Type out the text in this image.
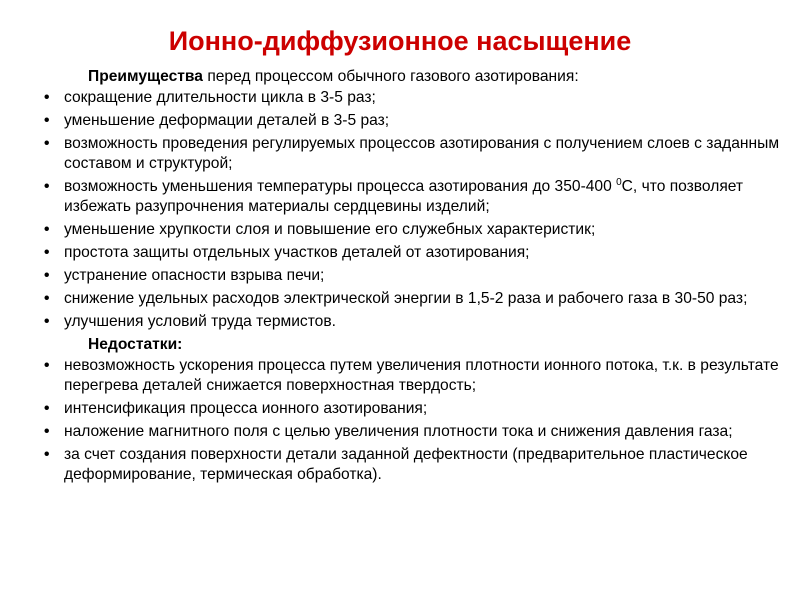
Ионно-диффузионное насыщение

Преимущества перед процессом обычного газового азотирования:

• сокращение длительности цикла в 3-5 раз;
• уменьшение деформации деталей в 3-5 раз;
• возможность проведения регулируемых процессов азотирования с получением слоев с заданным составом и структурой;
• возможность уменьшения температуры процесса азотирования до 350-400 $^0$С, что позволяет избежать разупрочнения материалы сердцевины изделий;
• уменьшение хрупкости слоя и повышение его служебных характеристик;
• простота защиты отдельных участков деталей от азотирования;
• устранение опасности взрыва печи;
• снижение удельных расходов электрической энергии в 1,5-2 раза и рабочего газа в 30-50 раз;
• улучшения условий труда термистов.

Недостатки:

• невозможность ускорения процесса путем увеличения плотности ионного потока, т.к. в результате перегрева деталей снижается поверхностная твердость;
• интенсификация процесса ионного азотирования;
• наложение магнитного поля с целью увеличения плотности тока и снижения давления газа;
• за счет создания поверхности детали заданной дефектности (предварительное пластическое деформирование, термическая обработка).
